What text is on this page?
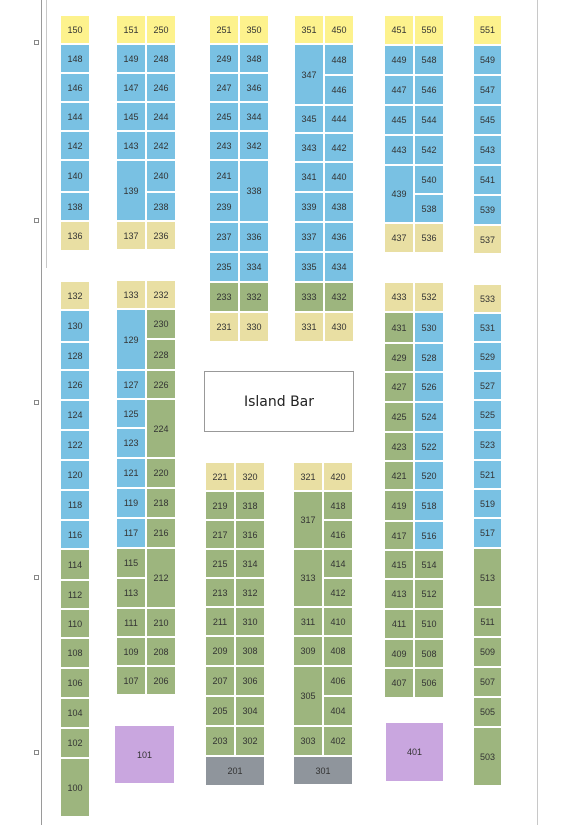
Island Bar
150
148
146
144
142
140
138
136
151 250
149 248
147 246
145 244
143 242
139
240
238
137 236
251 350
249 348
247 346
245 344
243 342
241
338
239
237 336
235 334
233 332
231 330
351 450
347
448
446
345 444
343 442
341 440
339 438
337 436
335 434
333 432
331 430
451 550
449 548
447 546
445 544
443 542
439
540
538
437 536
551
549
547
545
543
541
539
537
132
130
128
126
124
122
120
118
116
114
112
110
108
106
104
102
100
133 232
129
230
228
127 226
125
224
123
121 220
119 218
117 216
115
212
113
111 210
109 208
107 206
101
221 320
219 318
217 316
215 314
213 312
211 310
209 308
207 306
205 304
203 302
201
321 420
317
418
416
313
414
412
311 410
309 408
305
406
404
303 402
301
433 532
431 530
429 528
427 526
425 524
423 522
421 520
419 518
417 516
415 514
413 512
411 510
409 508
407 506
401
533
531
529
527
525
523
521
519
517
513
511
509
507
505
503
